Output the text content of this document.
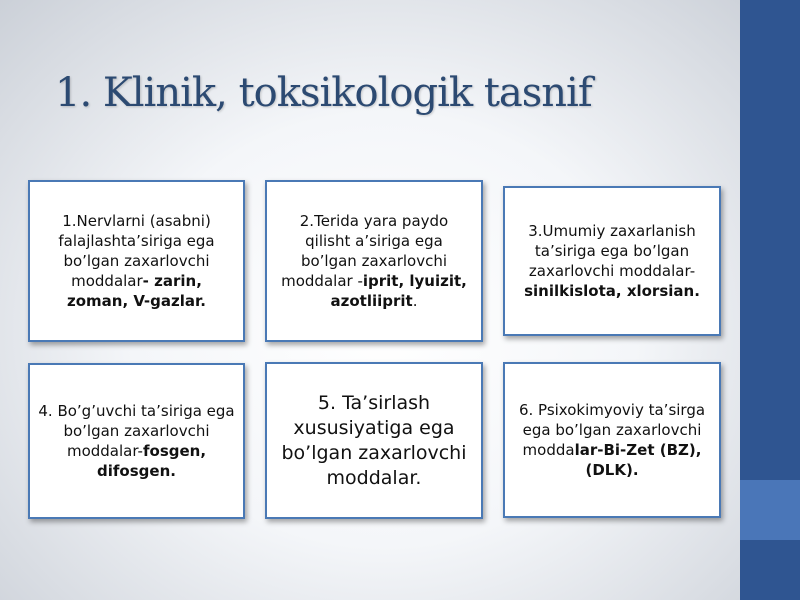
1. Klinik, toksikologik tasnif
1.Nervlarni (asabni) falajlashta’siriga ega bo’lgan zaxarlovchi moddalar- zarin, zoman, V-gazlar.
2.Terida yara paydo qilisht a’siriga ega bo’lgan zaxarlovchi moddalar -iprit, lyuizit, azotliiprit.
3.Umumiy zaxarlanish ta’siriga ega bo’lgan zaxarlovchi moddalar-sinilkislota, xlorsian.
4. Bo’g’uvchi ta’siriga ega bo’lgan zaxarlovchi moddalar-fosgen, difosgen.
5. Ta’sirlash xususiyatiga ega bo’lgan zaxarlovchi moddalar.
6. Psixokimyoviy ta’sirga ega bo’lgan zaxarlovchi moddalar-Bi-Zet (BZ), (DLK).
